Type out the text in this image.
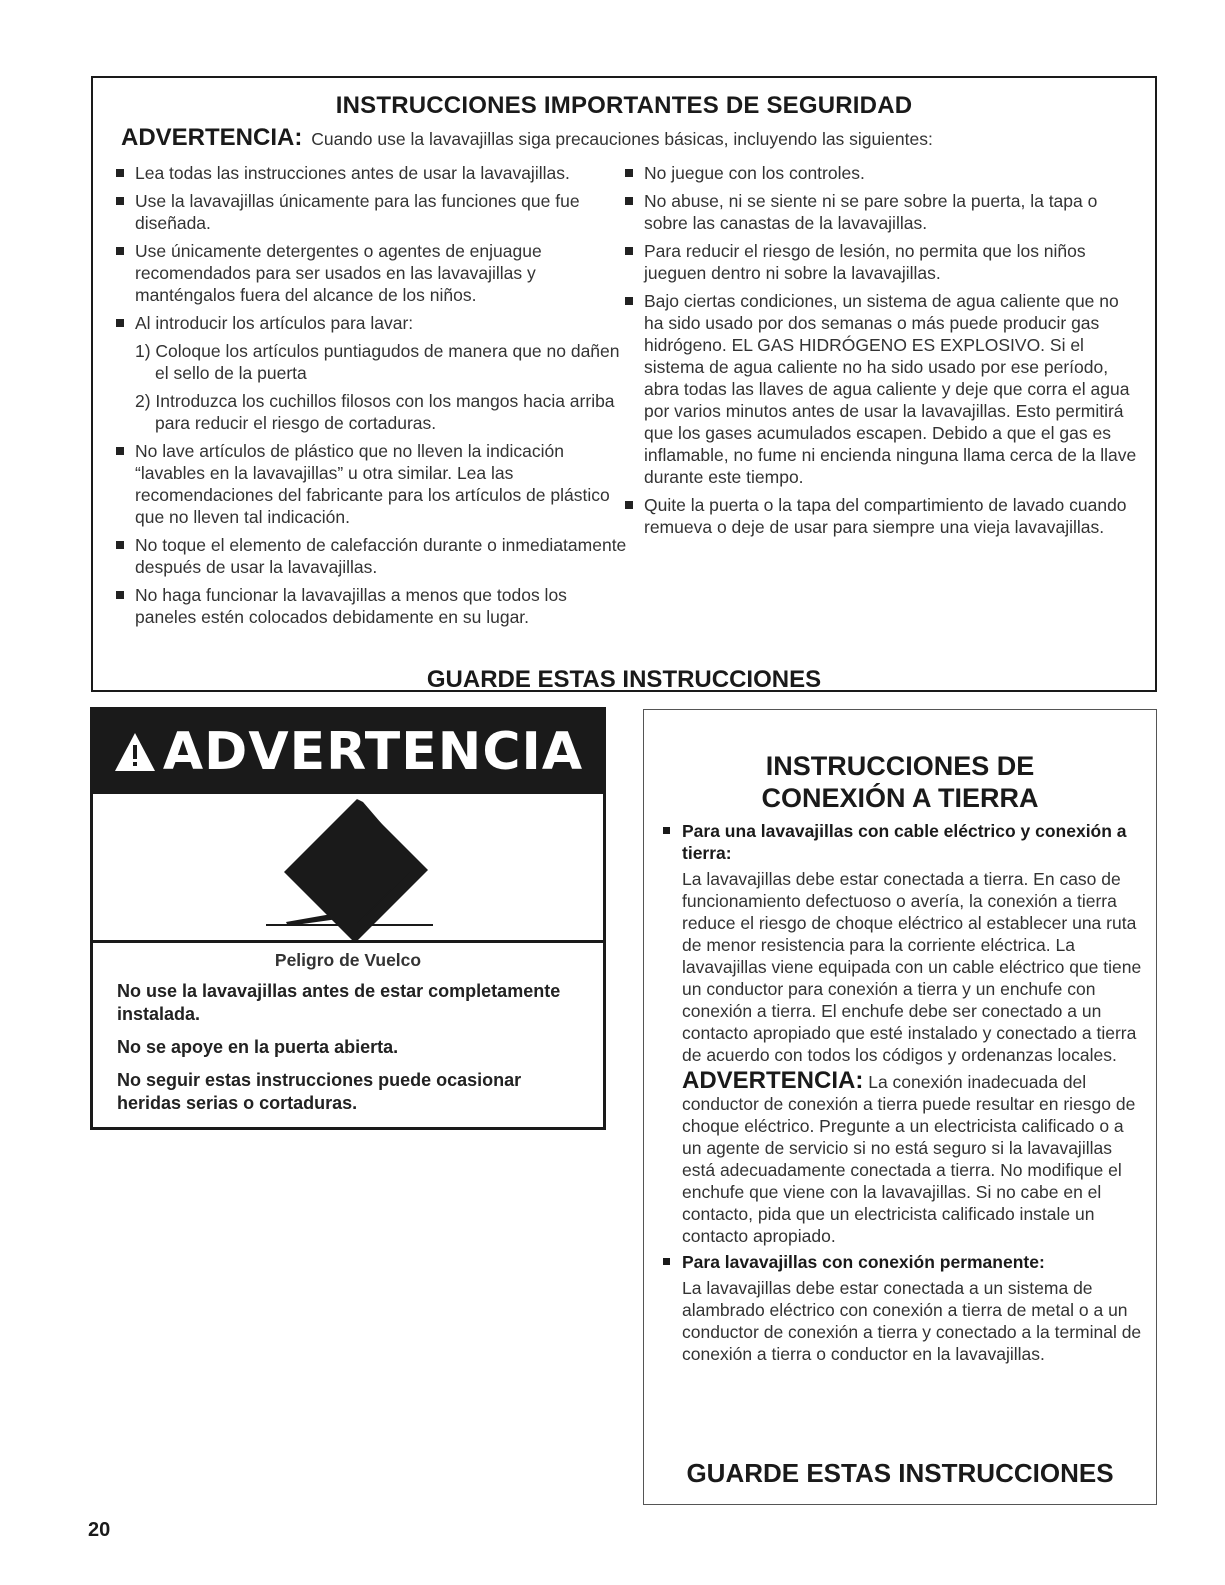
INSTRUCCIONES IMPORTANTES DE SEGURIDAD
ADVERTENCIA: Cuando use la lavavajillas siga precauciones básicas, incluyendo las siguientes:
Lea todas las instrucciones antes de usar la lavavajillas.
Use la lavavajillas únicamente para las funciones que fue diseñada.
Use únicamente detergentes o agentes de enjuague recomendados para ser usados en las lavavajillas y manténgalos fuera del alcance de los niños.
Al introducir los artículos para lavar:
1) Coloque los artículos puntiagudos de manera que no dañen el sello de la puerta
2) Introduzca los cuchillos filosos con los mangos hacia arriba para reducir el riesgo de cortaduras.
No lave artículos de plástico que no lleven la indicación “lavables en la lavavajillas” u otra similar. Lea las recomendaciones del fabricante para los artículos de plástico que no lleven tal indicación.
No toque el elemento de calefacción durante o inmediatamente después de usar la lavavajillas.
No haga funcionar la lavavajillas a menos que todos los paneles estén colocados debidamente en su lugar.
No juegue con los controles.
No abuse, ni se siente ni se pare sobre la puerta, la tapa o sobre las canastas de la lavavajillas.
Para reducir el riesgo de lesión, no permita que los niños jueguen dentro ni sobre la lavavajillas.
Bajo ciertas condiciones, un sistema de agua caliente que no ha sido usado por dos semanas o más puede producir gas hidrógeno. EL GAS HIDRÓGENO ES EXPLOSIVO. Si el sistema de agua caliente no ha sido usado por ese período, abra todas las llaves de agua caliente y deje que corra el agua por varios minutos antes de usar la lavavajillas. Esto permitirá que los gases acumulados escapen. Debido a que el gas es inflamable, no fume ni encienda ninguna llama cerca de la llave durante este tiempo.
Quite la puerta o la tapa del compartimiento de lavado cuando remueva o deje de usar para siempre una vieja lavavajillas.
GUARDE ESTAS INSTRUCCIONES
ADVERTENCIA
Peligro de Vuelco

No use la lavavajillas antes de estar completamente instalada.

No se apoye en la puerta abierta.

No seguir estas instrucciones puede ocasionar heridas serias o cortaduras.

INSTRUCCIONES DE
CONEXIÓN A TIERRA
Para una lavavajillas con cable eléctrico y conexión a tierra:

La lavavajillas debe estar conectada a tierra. En caso de funcionamiento defectuoso o avería, la conexión a tierra reduce el riesgo de choque eléctrico al establecer una ruta de menor resistencia para la corriente eléctrica. La lavavajillas viene equipada con un cable eléctrico que tiene un conductor para conexión a tierra y un enchufe con conexión a tierra. El enchufe debe ser conectado a un contacto apropiado que esté instalado y conectado a tierra de acuerdo con todos los códigos y ordenanzas locales.

ADVERTENCIA: La conexión inadecuada del conductor de conexión a tierra puede resultar en riesgo de choque eléctrico. Pregunte a un electricista calificado o a un agente de servicio si no está seguro si la lavavajillas está adecuadamente conectada a tierra. No modifique el enchufe que viene con la lavavajillas. Si no cabe en el contacto, pida que un electricista calificado instale un contacto apropiado.

Para lavavajillas con conexión permanente:

La lavavajillas debe estar conectada a un sistema de alambrado eléctrico con conexión a tierra de metal o a un conductor de conexión a tierra y conectado a la terminal de conexión a tierra o conductor en la lavavajillas.

GUARDE ESTAS INSTRUCCIONES
20
